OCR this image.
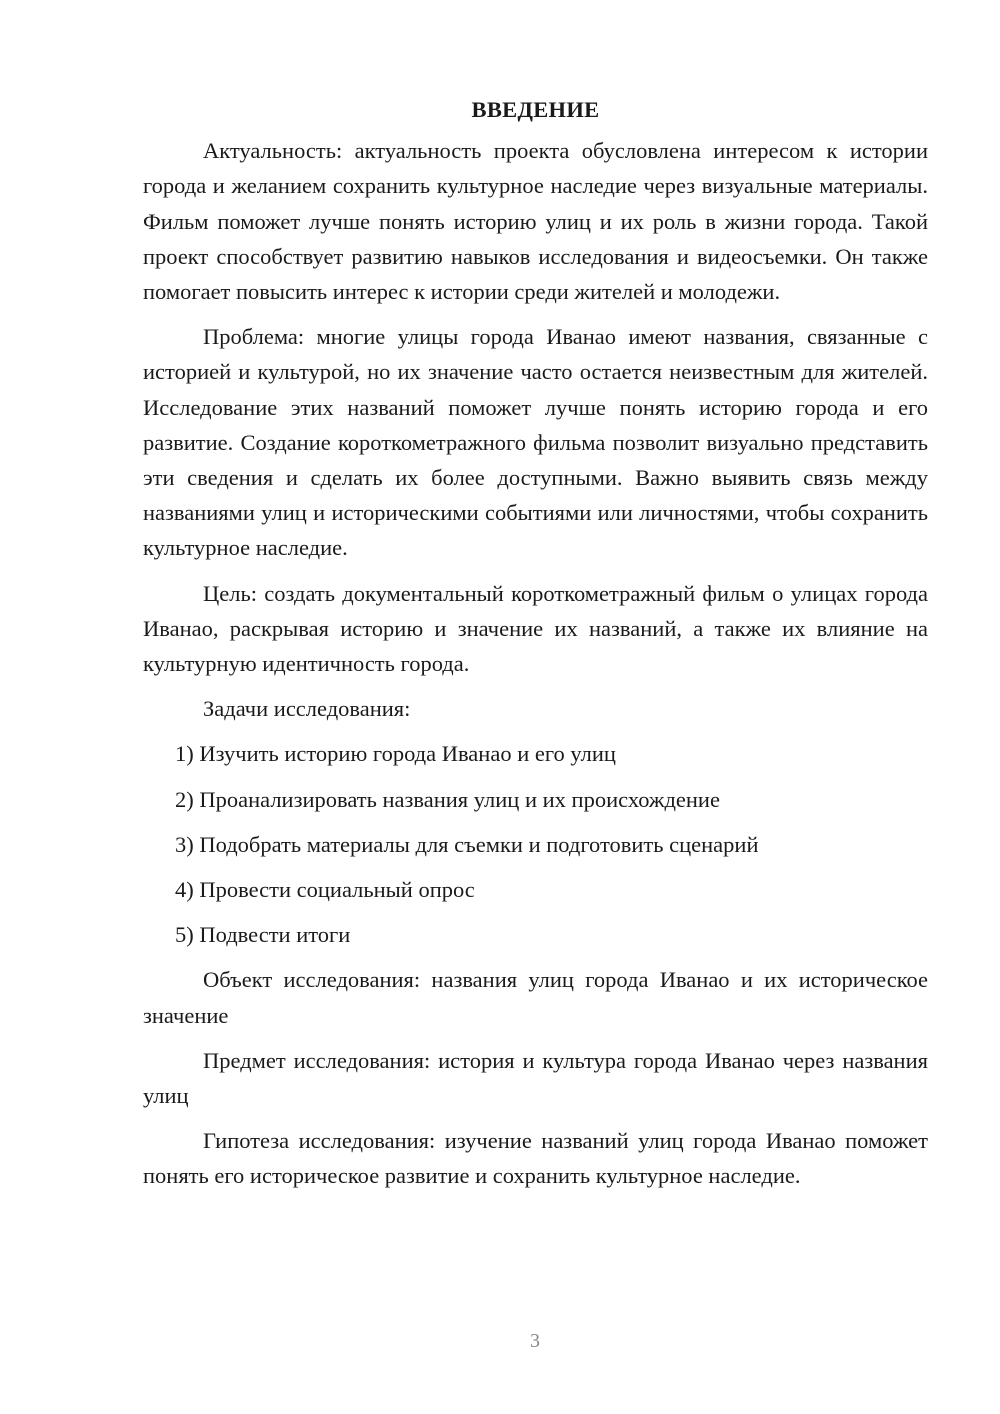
ВВЕДЕНИЕ

Актуальность: актуальность проекта обусловлена интересом к истории города и желанием сохранить культурное наследие через визуальные материалы. Фильм поможет лучше понять историю улиц и их роль в жизни города. Такой проект способствует развитию навыков исследования и видеосъемки. Он также помогает повысить интерес к истории среди жителей и молодежи.

Проблема: многие улицы города Иванао имеют названия, связанные с историей и культурой, но их значение часто остается неизвестным для жителей. Исследование этих названий поможет лучше понять историю города и его развитие. Создание короткометражного фильма позволит визуально представить эти сведения и сделать их более доступными. Важно выявить связь между названиями улиц и историческими событиями или личностями, чтобы сохранить культурное наследие.

Цель: создать документальный короткометражный фильм о улицах города Иванао, раскрывая историю и значение их названий, а также их влияние на культурную идентичность города.

Задачи исследования:

1) Изучить историю города Иванао и его улиц

2) Проанализировать названия улиц и их происхождение

3) Подобрать материалы для съемки и подготовить сценарий

4) Провести социальный опрос

5) Подвести итоги

Объект исследования: названия улиц города Иванао и их историческое значение

Предмет исследования: история и культура города Иванао через названия улиц

Гипотеза исследования: изучение названий улиц города Иванао поможет понять его историческое развитие и сохранить культурное наследие.

3
